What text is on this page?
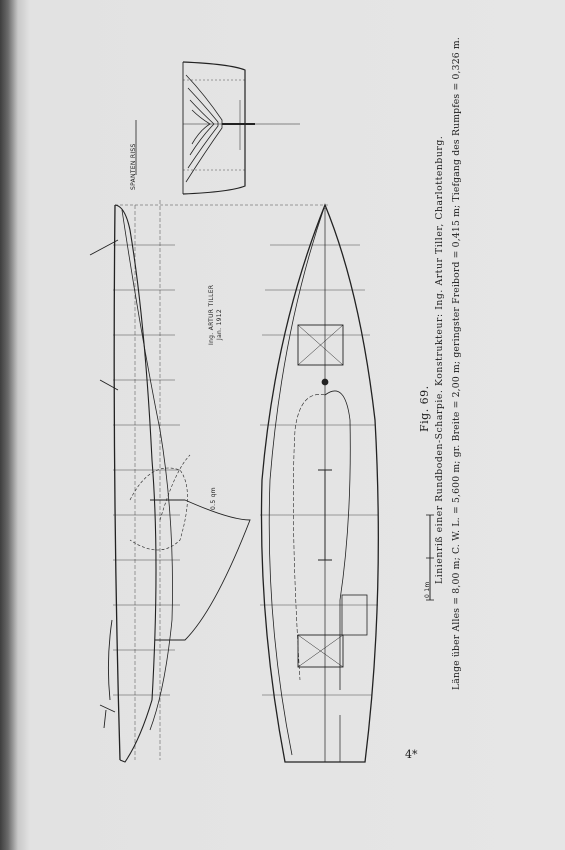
SPANTEN RISS
Ing. ARTUR TILLER Jan. 1912
0.5 qm
0 1m
Fig. 69. Linienriß einer Rundboden-Scharpie. Konstrukteur: Ing. Artur Tiller, Charlottenburg. Länge über Alles = 8,00 m; C. W. L. = 5,600 m; gr. Breite = 2,00 m; geringster Freibord = 0,415 m; Tiefgang des Rumpfes = 0,326 m.
4*
